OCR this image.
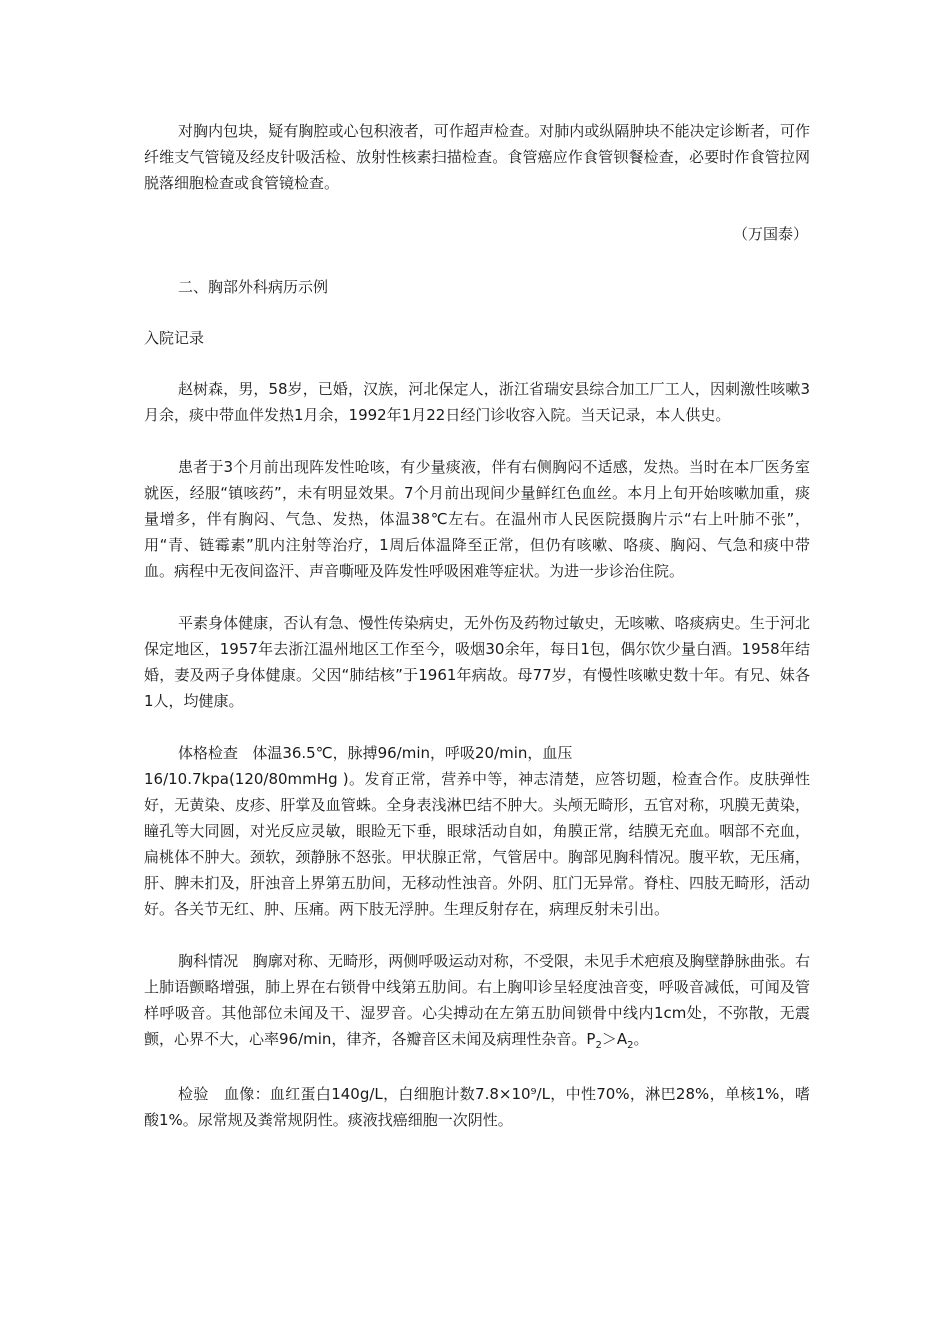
对胸内包块，疑有胸腔或心包积液者，可作超声检查。对肺内或纵隔肿块不能决定诊断者，可作纤维支气管镜及经皮针吸活检、放射性核素扫描检查。食管癌应作食管钡餐检查，必要时作食管拉网脱落细胞检查或食管镜检查。

（万国泰）

二、胸部外科病历示例

入院记录

赵树森，男，58岁，已婚，汉族，河北保定人，浙江省瑞安县综合加工厂工人，因刺激性咳嗽3月余，痰中带血伴发热1月余，1992年1月22日经门诊收容入院。当天记录，本人供史。

患者于3个月前出现阵发性呛咳，有少量痰液，伴有右侧胸闷不适感，发热。当时在本厂医务室就医，经服“镇咳药”，未有明显效果。7个月前出现间少量鲜红色血丝。本月上旬开始咳嗽加重，痰量增多，伴有胸闷、气急、发热，体温38℃左右。在温州市人民医院摄胸片示“右上叶肺不张”，用“青、链霉素”肌内注射等治疗，1周后体温降至正常，但仍有咳嗽、咯痰、胸闷、气急和痰中带血。病程中无夜间盗汗、声音嘶哑及阵发性呼吸困难等症状。为进一步诊治住院。

平素身体健康，否认有急、慢性传染病史，无外伤及药物过敏史，无咳嗽、咯痰病史。生于河北保定地区，1957年去浙江温州地区工作至今，吸烟30余年，每日1包，偶尔饮少量白酒。1958年结婚，妻及两子身体健康。父因“肺结核”于1961年病故。母77岁，有慢性咳嗽史数十年。有兄、妹各1人，均健康。

体格检查 体温36.5℃，脉搏96/min，呼吸20/min，血压
16/10.7kpa(120/80mmHg )。发育正常，营养中等，神志清楚，应答切题，检查合作。皮肤弹性好，无黄染、皮疹、肝掌及血管蛛。全身表浅淋巴结不肿大。头颅无畸形，五官对称，巩膜无黄染，瞳孔等大同圆，对光反应灵敏，眼睑无下垂，眼球活动自如，角膜正常，结膜无充血。咽部不充血，扁桃体不肿大。颈软，颈静脉不怒张。甲状腺正常，气管居中。胸部见胸科情况。腹平软，无压痛，肝、脾未扪及，肝浊音上界第五肋间，无移动性浊音。外阴、肛门无异常。脊柱、四肢无畸形，活动好。各关节无红、肿、压痛。两下肢无浮肿。生理反射存在，病理反射未引出。

胸科情况 胸廓对称、无畸形，两侧呼吸运动对称，不受限，未见手术疤痕及胸壁静脉曲张。右上肺语颤略增强，肺上界在右锁骨中线第五肋间。右上胸叩诊呈轻度浊音变，呼吸音减低，可闻及管样呼吸音。其他部位未闻及干、湿罗音。心尖搏动在左第五肋间锁骨中线内1cm处，不弥散，无震颤，心界不大，心率96/min，律齐，各瓣音区未闻及病理性杂音。$P_2>A_2$。

检验 血像：血红蛋白140g/L，白细胞计数7.8×10⁹/L，中性70%，淋巴28%，单核1%，嗜酸1%。尿常规及粪常规阴性。痰液找癌细胞一次阴性。
